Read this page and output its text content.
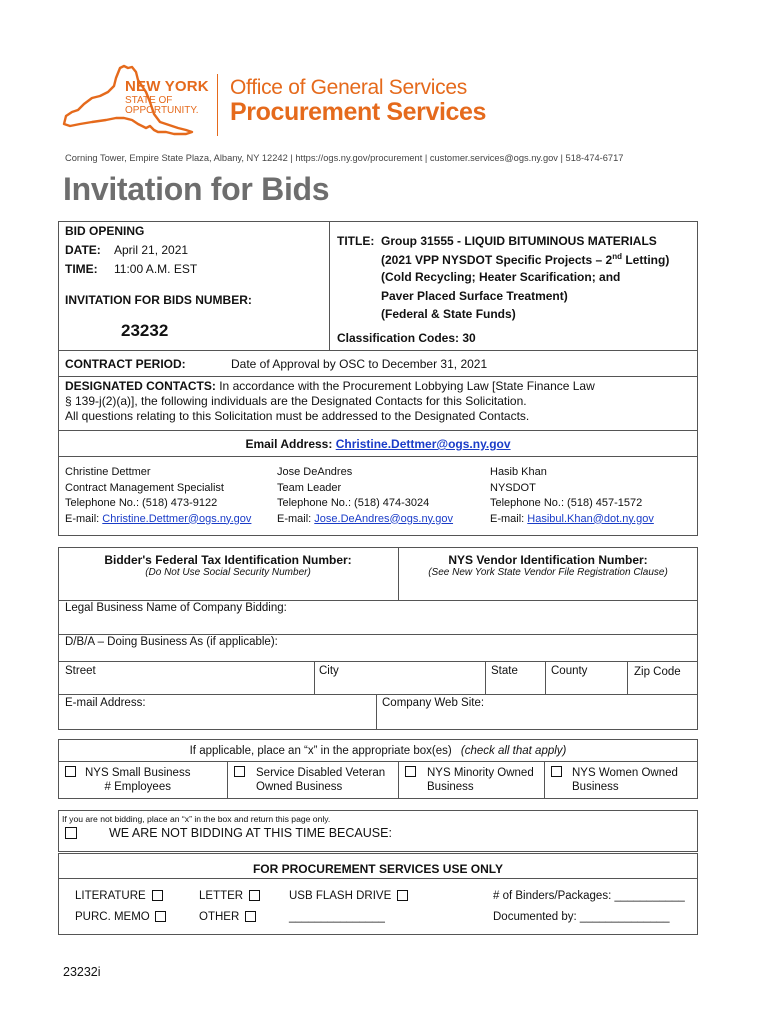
NEW YORK
STATE OF
OPPORTUNITY.
Office of General Services
Procurement Services
Corning Tower, Empire State Plaza, Albany, NY 12242 | https://ogs.ny.gov/procurement | customer.services@ogs.ny.gov | 518-474-6717
Invitation for Bids
BID OPENING
DATE: April 21, 2021
TIME: 11:00 A.M. EST
INVITATION FOR BIDS NUMBER:
23232
TITLE: Group 31555 - LIQUID BITUMINOUS MATERIALS
(2021 VPP NYSDOT Specific Projects – 2nd Letting)
(Cold Recycling; Heater Scarification; and
Paver Placed Surface Treatment)
(Federal & State Funds)
Classification Codes: 30
CONTRACT PERIOD:	Date of Approval by OSC to December 31, 2021
DESIGNATED CONTACTS: In accordance with the Procurement Lobbying Law [State Finance Law
§ 139-j(2)(a)], the following individuals are the Designated Contacts for this Solicitation.
All questions relating to this Solicitation must be addressed to the Designated Contacts.
Email Address: Christine.Dettmer@ogs.ny.gov
Christine Dettmer
Contract Management Specialist
Telephone No.: (518) 473-9122
E-mail: Christine.Dettmer@ogs.ny.gov
Jose DeAndres
Team Leader
Telephone No.: (518) 474-3024
E-mail: Jose.DeAndres@ogs.ny.gov
Hasib Khan
NYSDOT
Telephone No.: (518) 457-1572
E-mail: Hasibul.Khan@dot.ny.gov
Bidder's Federal Tax Identification Number:
(Do Not Use Social Security Number)
NYS Vendor Identification Number:
(See New York State Vendor File Registration Clause)
Legal Business Name of Company Bidding:
D/B/A – Doing Business As (if applicable):
Street	City	State	County	Zip Code
E-mail Address:	Company Web Site:
If applicable, place an “x” in the appropriate box(es) (check all that apply)
NYS Small Business
# Employees
Service Disabled Veteran
Owned Business
NYS Minority Owned
Business
NYS Women Owned
Business
If you are not bidding, place an “x” in the box and return this page only.
WE ARE NOT BIDDING AT THIS TIME BECAUSE:
FOR PROCUREMENT SERVICES USE ONLY
LITERATURE	LETTER	USB FLASH DRIVE	# of Binders/Packages: ___________
PURC. MEMO	OTHER	_______________	Documented by: ______________
23232i
